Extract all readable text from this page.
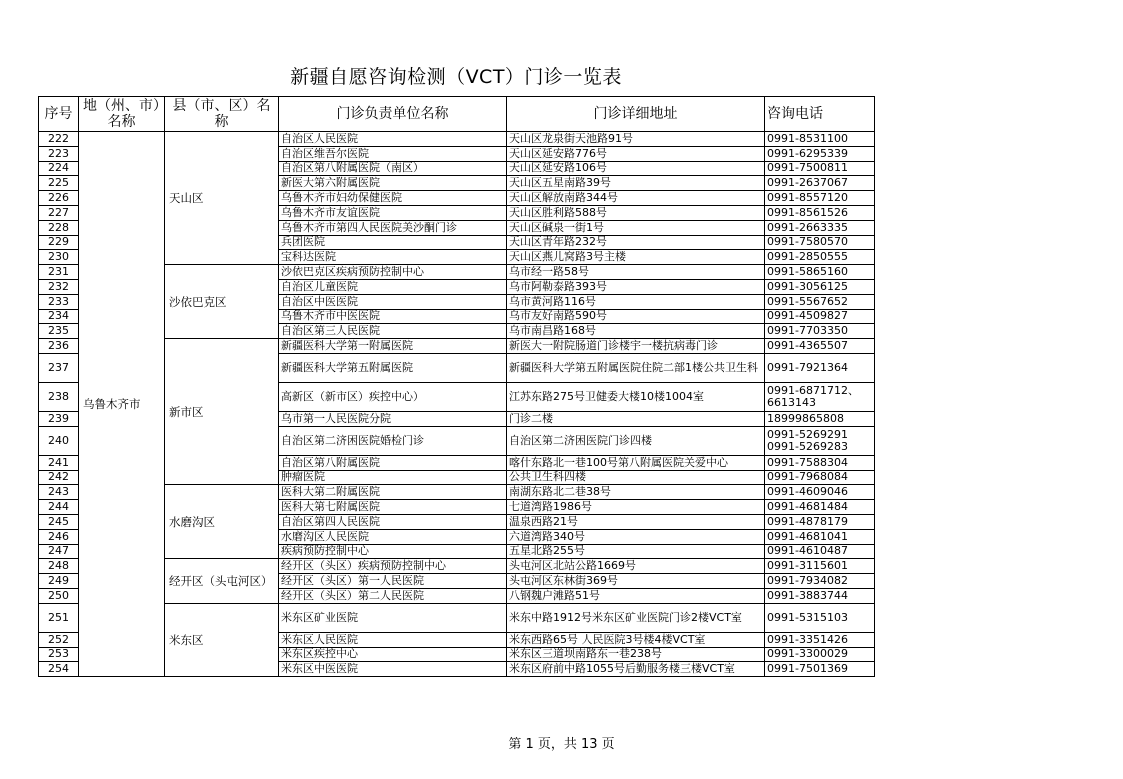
新疆自愿咨询检测（VCT）门诊一览表
序号	地（州、市）名称	县（市、区）名称	门诊负责单位名称	门诊详细地址	咨询电话
222	乌鲁木齐市	天山区	自治区人民医院	天山区龙泉街天池路91号	0991-8531100
223			自治区维吾尔医院	天山区延安路776号	0991-6295339
224			自治区第八附属医院（南区）	天山区延安路106号	0991-7500811
225			新医大第六附属医院	天山区五星南路39号	0991-2637067
226			乌鲁木齐市妇幼保健医院	天山区解放南路344号	0991-8557120
227			乌鲁木齐市友谊医院	天山区胜利路588号	0991-8561526
228			乌鲁木齐市第四人民医院美沙酮门诊	天山区碱泉一街1号	0991-2663335
229			兵团医院	天山区青年路232号	0991-7580570
230			宝科达医院	天山区燕儿窝路3号主楼	0991-2850555
231		沙依巴克区	沙依巴克区疾病预防控制中心	乌市经一路58号	0991-5865160
232			自治区儿童医院	乌市阿勒泰路393号	0991-3056125
233			自治区中医医院	乌市黄河路116号	0991-5567652
234			乌鲁木齐市中医医院	乌市友好南路590号	0991-4509827
235			自治区第三人民医院	乌市南昌路168号	0991-7703350
236		新市区	新疆医科大学第一附属医院	新医大一附院肠道门诊楼宇一楼抗病毒门诊	0991-4365507
237			新疆医科大学第五附属医院	新疆医科大学第五附属医院住院二部1楼公共卫生科	0991-7921364
238			高新区（新市区）疾控中心）	江苏东路275号卫健委大楼10楼1004室	0991-6871712、6613143
239			乌市第一人民医院分院	门诊二楼	18999865808
240			自治区第二济困医院婚检门诊	自治区第二济困医院门诊四楼	0991-5269291 0991-5269283
241			自治区第八附属医院	喀什东路北一巷100号第八附属医院关爱中心	0991-7588304
242			肿瘤医院	公共卫生科四楼	0991-7968084
243		水磨沟区	医科大第二附属医院	南湖东路北二巷38号	0991-4609046
244			医科大第七附属医院	七道湾路1986号	0991-4681484
245			自治区第四人民医院	温泉西路21号	0991-4878179
246			水磨沟区人民医院	六道湾路340号	0991-4681041
247			疾病预防控制中心	五星北路255号	0991-4610487
248		经开区（头屯河区）	经开区（头区）疾病预防控制中心	头屯河区北站公路1669号	0991-3115601
249			经开区（头区）第一人民医院	头屯河区东林街369号	0991-7934082
250			经开区（头区）第二人民医院	八钢魏户滩路51号	0991-3883744
251		米东区	米东区矿业医院	米东中路1912号米东区矿业医院门诊2楼VCT室	0991-5315103
252			米东区人民医院	米东西路65号 人民医院3号楼4楼VCT室	0991-3351426
253			米东区疾控中心	米东区三道坝南路东一巷238号	0991-3300029
254			米东区中医医院	米东区府前中路1055号后勤服务楼三楼VCT室	0991-7501369
第 1 页，共 13 页
